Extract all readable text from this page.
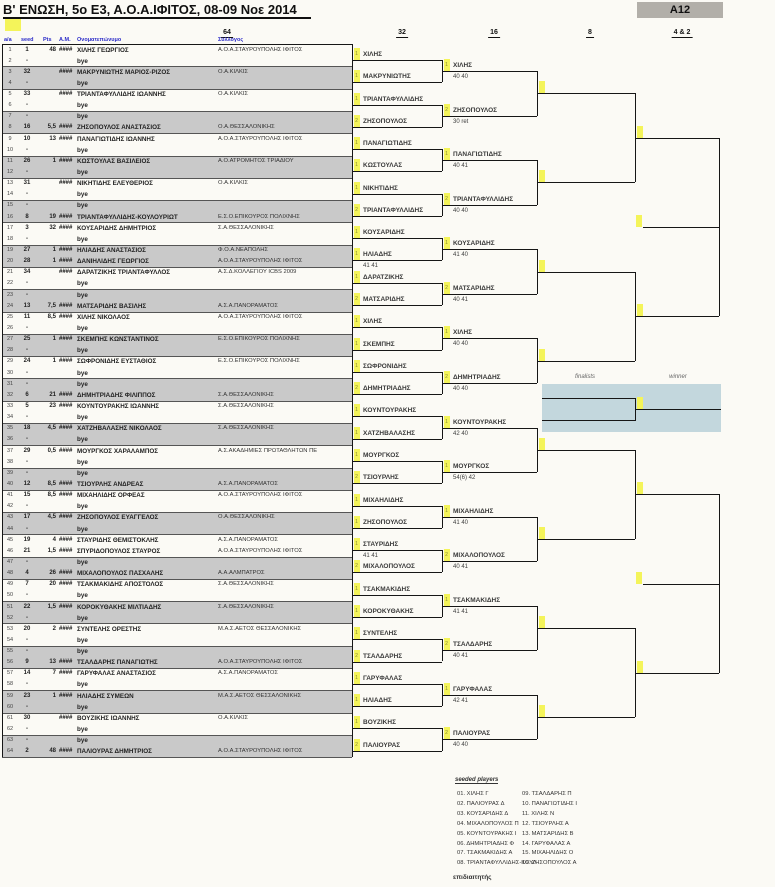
Β' ΕΝΩΣΗ, 5ο Ε3, Α.Ο.Α.ΙΦΙΤΟΣ, 08-09 Νοε 2014	A12
64	32	16	8	4 & 2
a/a seed Pts A.M. Ονοματεπώνυμο	Σύλλογος
1	1	48 #### ΧΙΛΗΣ ΓΕΩΡΓΙΟΣ	Α.Ο.Α.ΣΤΑΥΡΟΥΠΟΛΗΣ ΙΦΙΤΟΣ
2	-	bye
3	32	#### ΜΑΚΡΥΝΙΩΤΗΣ ΜΑΡΙΟΣ-ΡΙΖΟΣ	Ο.Α.ΚΙΛΚΙΣ
4	-	bye
5	33	#### ΤΡΙΑΝΤΑΦΥΛΛΙΔΗΣ ΙΩΑΝΝΗΣ	Ο.Α.ΚΙΛΚΙΣ
6	-	bye
7	-	bye
8	16	5,5 #### ΖΗΣΟΠΟΥΛΟΣ ΑΝΑΣΤΑΣΙΟΣ	Ο.Α.ΘΕΣΣΑΛΟΝΙΚΗΣ
9	10	13 #### ΠΑΝΑΓΙΩΤΙΔΗΣ ΙΩΑΝΝΗΣ	Α.Ο.Α.ΣΤΑΥΡΟΥΠΟΛΗΣ ΙΦΙΤΟΣ
10	-	bye
11	26	1 #### ΚΩΣΤΟΥΛΑΣ ΒΑΣΙΛΕΙΟΣ	Α.Ο.ΑΤΡΟΜΗΤΟΣ ΤΡΙΑΔΙΟΥ
12	-	bye
13	31	#### ΝΙΚΗΤΙΔΗΣ ΕΛΕΥΘΕΡΙΟΣ	Ο.Α.ΚΙΛΚΙΣ
14	-	bye
15	-	bye
16	8	19 #### ΤΡΙΑΝΤΑΦΥΛΛΙΔΗΣ-ΚΟΥΛΟΥΡΙΩΤ	Ε.Σ.Ο.ΕΠΙΚΟΥΡΟΣ ΠΟΛΙΧΝΗΣ
17	3	32 #### ΚΟΥΣΑΡΙΔΗΣ ΔΗΜΗΤΡΙΟΣ	Σ.Α.ΘΕΣΣΑΛΟΝΙΚΗΣ
18	-	bye
19	27	1 #### ΗΛΙΑΔΗΣ ΑΝΑΣΤΑΣΙΟΣ	Φ.Ο.Α.ΝΕΑΠΟΛΗΣ
20	28	1 #### ΔΑΝΙΗΛΙΔΗΣ ΓΕΩΡΓΙΟΣ	Α.Ο.Α.ΣΤΑΥΡΟΥΠΟΛΗΣ ΙΦΙΤΟΣ
21	34	#### ΔΑΡΑΤΖΙΚΗΣ ΤΡΙΑΝΤΑΦΥΛΛΟΣ	Α.Σ.Δ.ΚΟΛΛΕΓΙΟΥ ICBS 2009
22	-	bye
23	-	bye
24	13	7,5 #### ΜΑΤΣΑΡΙΔΗΣ ΒΑΣΙΛΗΣ	Α.Σ.Α.ΠΑΝΟΡΑΜΑΤΟΣ
25	11	8,5 #### ΧΙΛΗΣ ΝΙΚΟΛΑΟΣ	Α.Ο.Α.ΣΤΑΥΡΟΥΠΟΛΗΣ ΙΦΙΤΟΣ
26	-	bye
27	25	1 #### ΣΚΕΜΠΗΣ ΚΩΝΣΤΑΝΤΙΝΟΣ	Ε.Σ.Ο.ΕΠΙΚΟΥΡΟΣ ΠΟΛΙΧΝΗΣ
28	-	bye
29	24	1 #### ΣΩΦΡΟΝΙΔΗΣ ΕΥΣΤΑΘΙΟΣ	Ε.Σ.Ο.ΕΠΙΚΟΥΡΟΣ ΠΟΛΙΧΝΗΣ
30	-	bye
31	-	bye
32	6	21 #### ΔΗΜΗΤΡΙΑΔΗΣ ΦΙΛΙΠΠΟΣ	Σ.Α.ΘΕΣΣΑΛΟΝΙΚΗΣ
33	5	23 #### ΚΟΥΝΤΟΥΡΑΚΗΣ ΙΩΑΝΝΗΣ	Σ.Α.ΘΕΣΣΑΛΟΝΙΚΗΣ
34	-	bye
35	18	4,5 #### ΧΑΤΖΗΒΑΛΑΣΗΣ ΝΙΚΟΛΑΟΣ	Σ.Α.ΘΕΣΣΑΛΟΝΙΚΗΣ
36	-	bye
37	29	0,5 #### ΜΟΥΡΓΚΟΣ ΧΑΡΑΛΑΜΠΟΣ	Α.Σ.ΑΚΑΔΗΜΙΕΣ ΠΡΩΤΑΘΛΗΤΩΝ ΠΕ
38	-	bye
39	-	bye
40	12	8,5 #### ΤΣΙΟΥΡΛΗΣ ΑΝΔΡΕΑΣ	Α.Σ.Α.ΠΑΝΟΡΑΜΑΤΟΣ
41	15	8,5 #### ΜΙΧΑΗΛΙΔΗΣ ΟΡΦΕΑΣ	Α.Ο.Α.ΣΤΑΥΡΟΥΠΟΛΗΣ ΙΦΙΤΟΣ
42	-	bye
43	17	4,5 #### ΖΗΣΟΠΟΥΛΟΣ ΕΥΑΓΓΕΛΟΣ	Ο.Α.ΘΕΣΣΑΛΟΝΙΚΗΣ
44	-	bye
45	19	4 #### ΣΤΑΥΡΙΔΗΣ ΘΕΜΙΣΤΟΚΛΗΣ	Α.Σ.Α.ΠΑΝΟΡΑΜΑΤΟΣ
46	21	1,5 #### ΣΠΥΡΙΔΟΠΟΥΛΟΣ ΣΤΑΥΡΟΣ	Α.Ο.Α.ΣΤΑΥΡΟΥΠΟΛΗΣ ΙΦΙΤΟΣ
47	-	bye
48	4	26 #### ΜΙΧΑΛΟΠΟΥΛΟΣ ΠΑΣΧΑΛΗΣ	Α.Α.ΑΛΜΠΑΤΡΟΣ
49	7	20 #### ΤΣΑΚΜΑΚΙΔΗΣ ΑΠΟΣΤΟΛΟΣ	Σ.Α.ΘΕΣΣΑΛΟΝΙΚΗΣ
50	-	bye
51	22	1,5 #### ΚΟΡΟΚΥΘΑΚΗΣ ΜΙΛΤΙΑΔΗΣ	Σ.Α.ΘΕΣΣΑΛΟΝΙΚΗΣ
52	-	bye
53	20	2 #### ΣΥΝΤΕΛΗΣ ΟΡΕΣΤΗΣ	Μ.Α.Σ.ΑΕΤΟΣ ΘΕΣΣΑΛΟΝΙΚΗΣ
54	-	bye
55	-	bye
56	9	13 #### ΤΣΑΛΔΑΡΗΣ ΠΑΝΑΓΙΩΤΗΣ	Α.Ο.Α.ΣΤΑΥΡΟΥΠΟΛΗΣ ΙΦΙΤΟΣ
57	14	7 #### ΓΑΡΥΦΑΛΑΣ ΑΝΑΣΤΑΣΙΟΣ	Α.Σ.Α.ΠΑΝΟΡΑΜΑΤΟΣ
58	-	bye
59	23	1 #### ΗΛΙΑΔΗΣ ΣΥΜΕΩΝ	Μ.Α.Σ.ΑΕΤΟΣ ΘΕΣΣΑΛΟΝΙΚΗΣ
60	-	bye
61	30	#### ΒΟΥΖΙΚΗΣ ΙΩΑΝΝΗΣ	Ο.Α.ΚΙΛΚΙΣ
62	-	bye
63	-	bye
64	2	48 #### ΠΑΛΙΟΥΡΑΣ ΔΗΜΗΤΡΙΟΣ	Α.Ο.Α.ΣΤΑΥΡΟΥΠΟΛΗΣ ΙΦΙΤΟΣ
1 ΧΙΛΗΣ
1 ΜΑΚΡΥΝΙΩΤΗΣ
1 ΤΡΙΑΝΤΑΦΥΛΛΙΔΗΣ
2 ΖΗΣΟΠΟΥΛΟΣ
1 ΠΑΝΑΓΙΩΤΙΔΗΣ
1 ΚΩΣΤΟΥΛΑΣ
1 ΝΙΚΗΤΙΔΗΣ
2 ΤΡΙΑΝΤΑΦΥΛΛΙΔΗΣ
1 ΚΟΥΣΑΡΙΔΗΣ
1 ΗΛΙΑΔΗΣ
41 41
1 ΔΑΡΑΤΖΙΚΗΣ
2 ΜΑΤΣΑΡΙΔΗΣ
1 ΧΙΛΗΣ
1 ΣΚΕΜΠΗΣ
1 ΣΩΦΡΟΝΙΔΗΣ
2 ΔΗΜΗΤΡΙΑΔΗΣ
1 ΚΟΥΝΤΟΥΡΑΚΗΣ
1 ΧΑΤΖΗΒΑΛΑΣΗΣ
1 ΜΟΥΡΓΚΟΣ
2 ΤΣΙΟΥΡΛΗΣ
1 ΜΙΧΑΗΛΙΔΗΣ
1 ΖΗΣΟΠΟΥΛΟΣ
1 ΣΤΑΥΡΙΔΗΣ
41 41
2 ΜΙΧΑΛΟΠΟΥΛΟΣ
1 ΤΣΑΚΜΑΚΙΔΗΣ
1 ΚΟΡΟΚΥΘΑΚΗΣ
1 ΣΥΝΤΕΛΗΣ
2 ΤΣΑΛΔΑΡΗΣ
1 ΓΑΡΥΦΑΛΑΣ
1 ΗΛΙΑΔΗΣ
1 ΒΟΥΖΙΚΗΣ
2 ΠΑΛΙΟΥΡΑΣ
1 ΧΙΛΗΣ
40 40
2 ΖΗΣΟΠΟΥΛΟΣ
30 ret
1 ΠΑΝΑΓΙΩΤΙΔΗΣ
40 41
2 ΤΡΙΑΝΤΑΦΥΛΛΙΔΗΣ
40 40
1 ΚΟΥΣΑΡΙΔΗΣ
41 40
2 ΜΑΤΣΑΡΙΔΗΣ
40 41
1 ΧΙΛΗΣ
40 40
2 ΔΗΜΗΤΡΙΑΔΗΣ
40 40
1 ΚΟΥΝΤΟΥΡΑΚΗΣ
42 40
1 ΜΟΥΡΓΚΟΣ
54(6) 42
1 ΜΙΧΑΗΛΙΔΗΣ
41 40
2 ΜΙΧΑΛΟΠΟΥΛΟΣ
40 41
1 ΤΣΑΚΜΑΚΙΔΗΣ
41 41
2 ΤΣΑΛΔΑΡΗΣ
40 41
1 ΓΑΡΥΦΑΛΑΣ
42 41
2 ΠΑΛΙΟΥΡΑΣ
40 40
finalists	winner
seeded players
01. ΧΙΛΗΣ Γ
02. ΠΑΛΙΟΥΡΑΣ Δ
03. ΚΟΥΣΑΡΙΔΗΣ Δ
04. ΜΙΧΑΛΟΠΟΥΛΟΣ Π
05. ΚΟΥΝΤΟΥΡΑΚΗΣ Ι
06. ΔΗΜΗΤΡΙΑΔΗΣ Φ
07. ΤΣΑΚΜΑΚΙΔΗΣ Α
08. ΤΡΙΑΝΤΑΦΥΛΛΙΔΗΣ-ΚΟΥΛ
09. ΤΣΑΛΔΑΡΗΣ Π
10. ΠΑΝΑΓΙΩΤΙΔΗΣ Ι
11. ΧΙΛΗΣ Ν
12. ΤΣΙΟΥΡΛΗΣ Α
13. ΜΑΤΣΑΡΙΔΗΣ Β
14. ΓΑΡΥΦΑΛΑΣ Α
15. ΜΙΧΑΗΛΙΔΗΣ Ο
16. ΖΗΣΟΠΟΥΛΟΣ Α
επιδιαιτητής
